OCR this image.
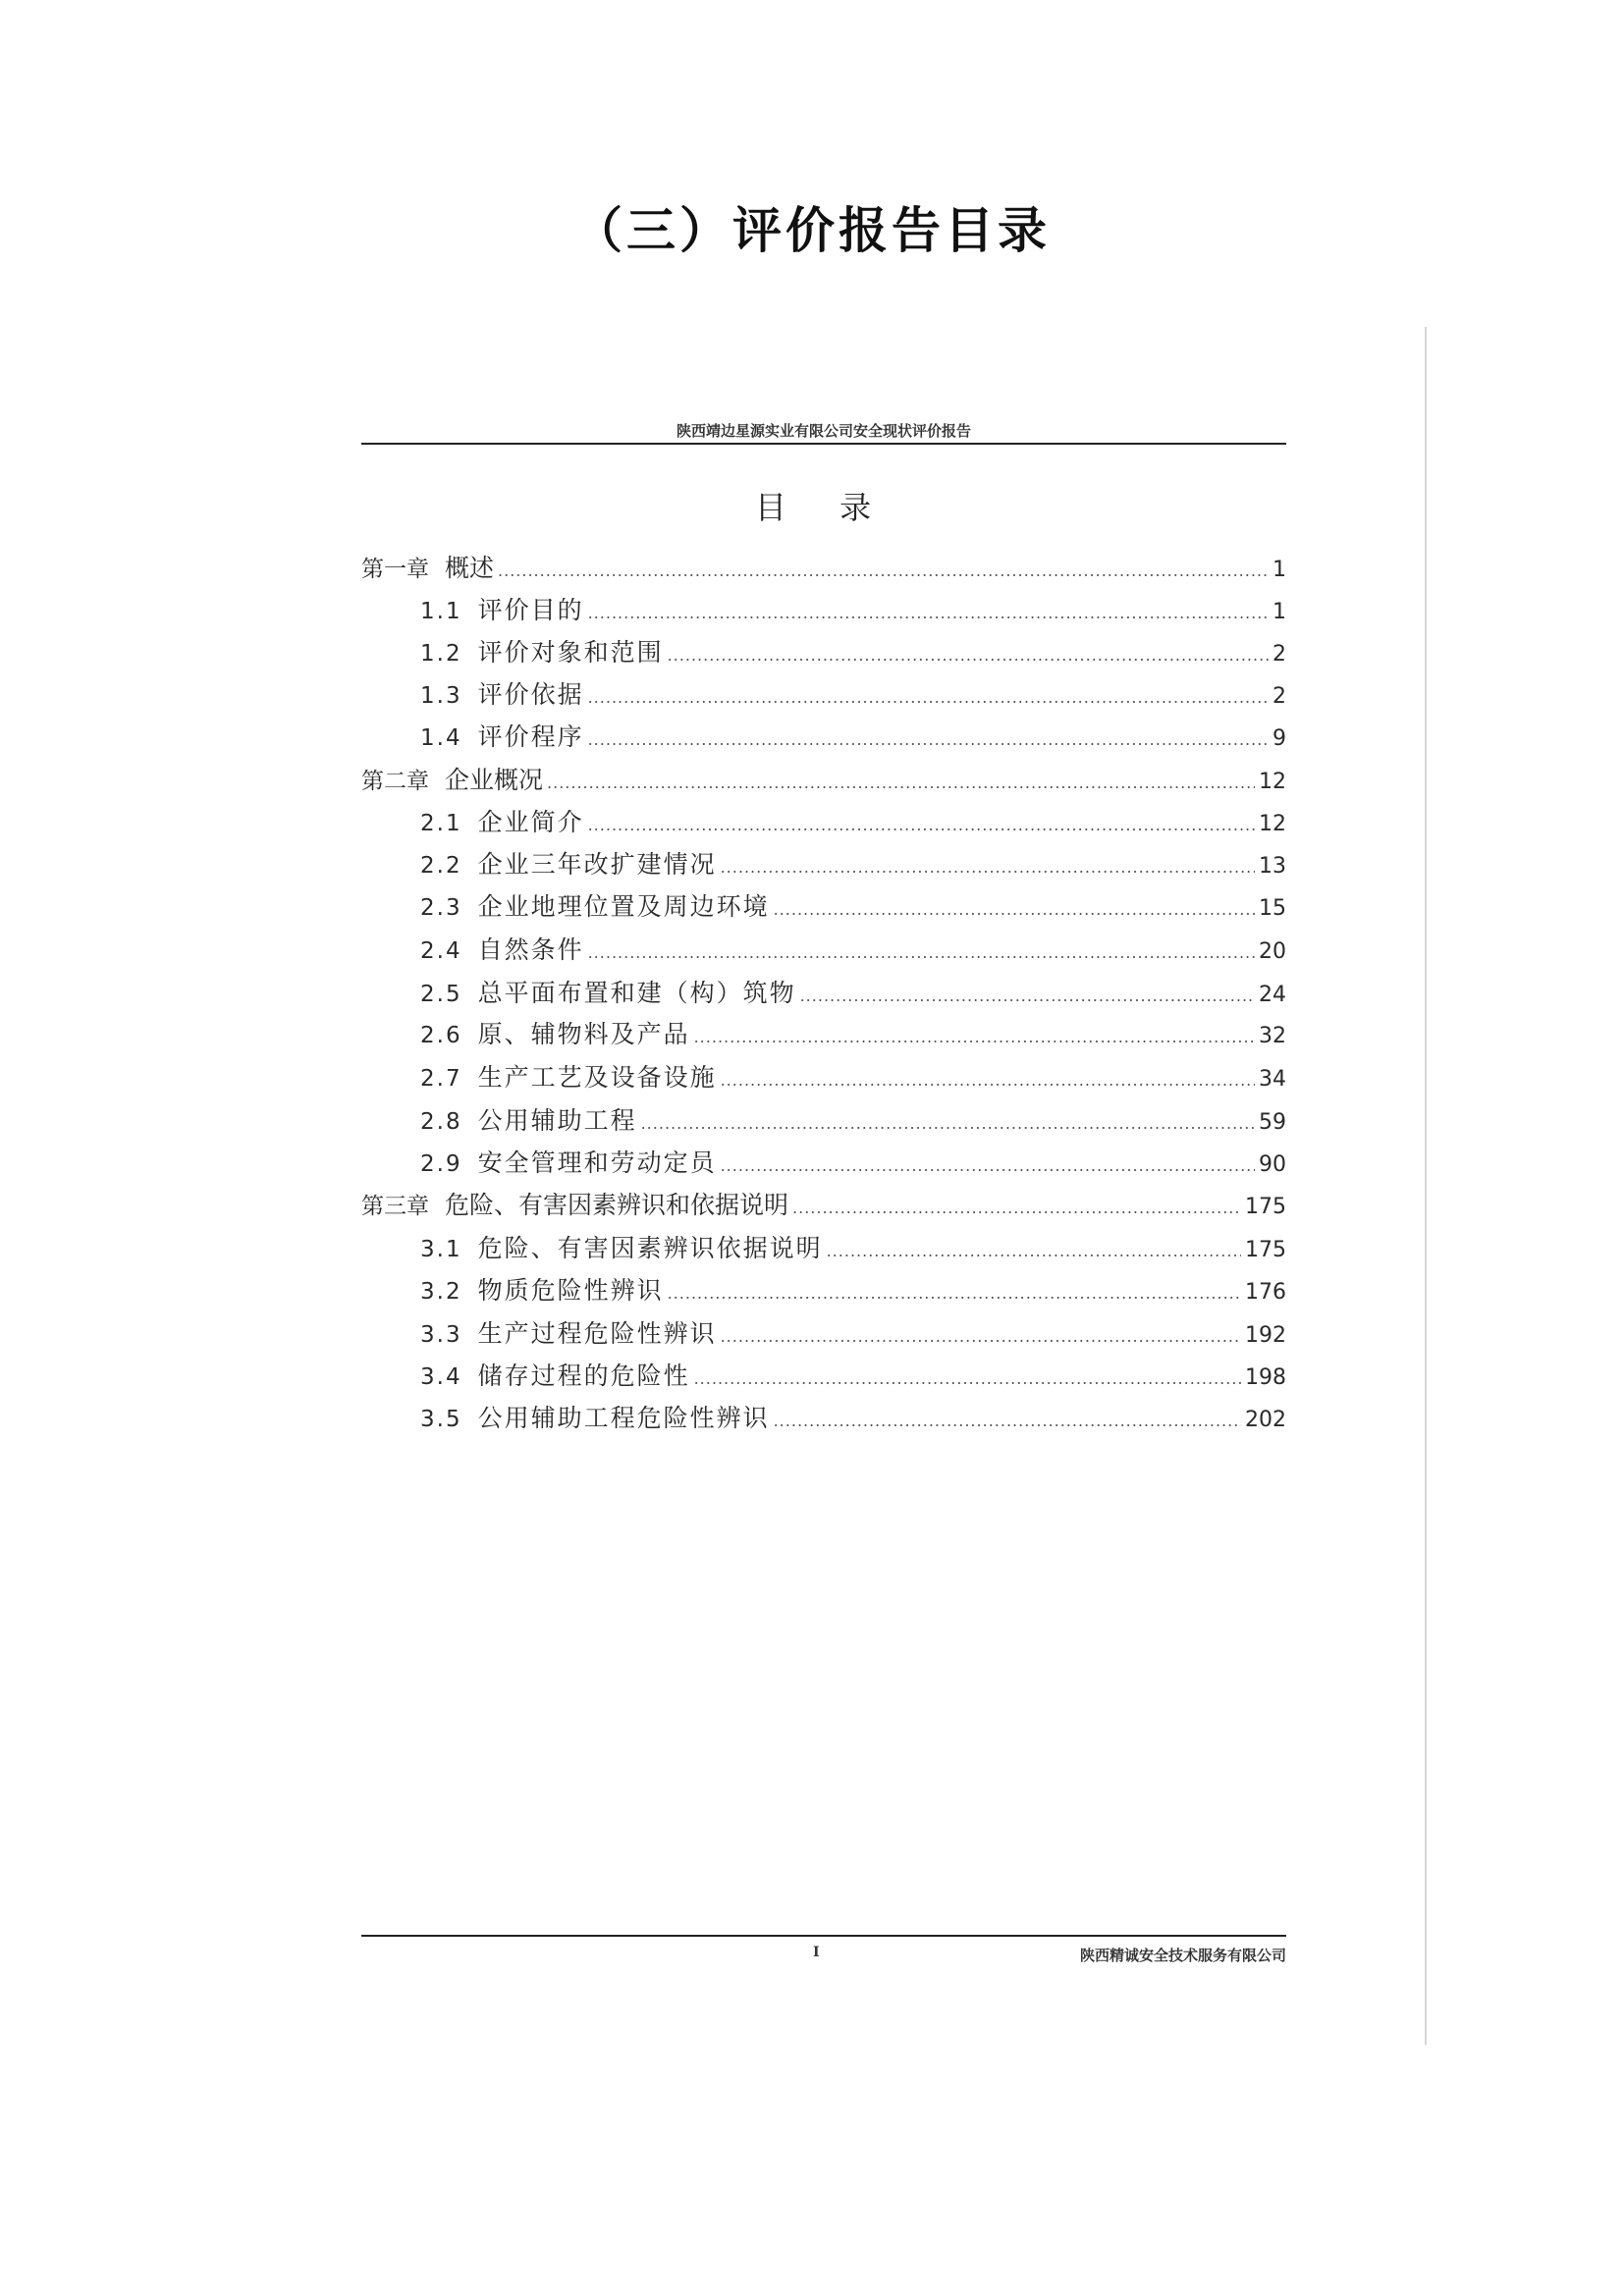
（三）评价报告目录
陕西靖边星源实业有限公司安全现状评价报告
目 录
第一章 概述 .....	1
1.1 评价目的 .....	1
1.2 评价对象和范围 .....	2
1.3 评价依据 .....	2
1.4 评价程序 .....	9
第二章 企业概况 .....	12
2.1 企业简介 .....	12
2.2 企业三年改扩建情况 .....	13
2.3 企业地理位置及周边环境 .....	15
2.4 自然条件 .....	20
2.5 总平面布置和建（构）筑物 .....	24
2.6 原、辅物料及产品 .....	32
2.7 生产工艺及设备设施 .....	34
2.8 公用辅助工程 .....	59
2.9 安全管理和劳动定员 .....	90
第三章 危险、有害因素辨识和依据说明 .....	175
3.1 危险、有害因素辨识依据说明 .....	175
3.2 物质危险性辨识 .....	176
3.3 生产过程危险性辨识 .....	192
3.4 储存过程的危险性 .....	198
3.5 公用辅助工程危险性辨识 .....	202
I	陕西精诚安全技术服务有限公司
